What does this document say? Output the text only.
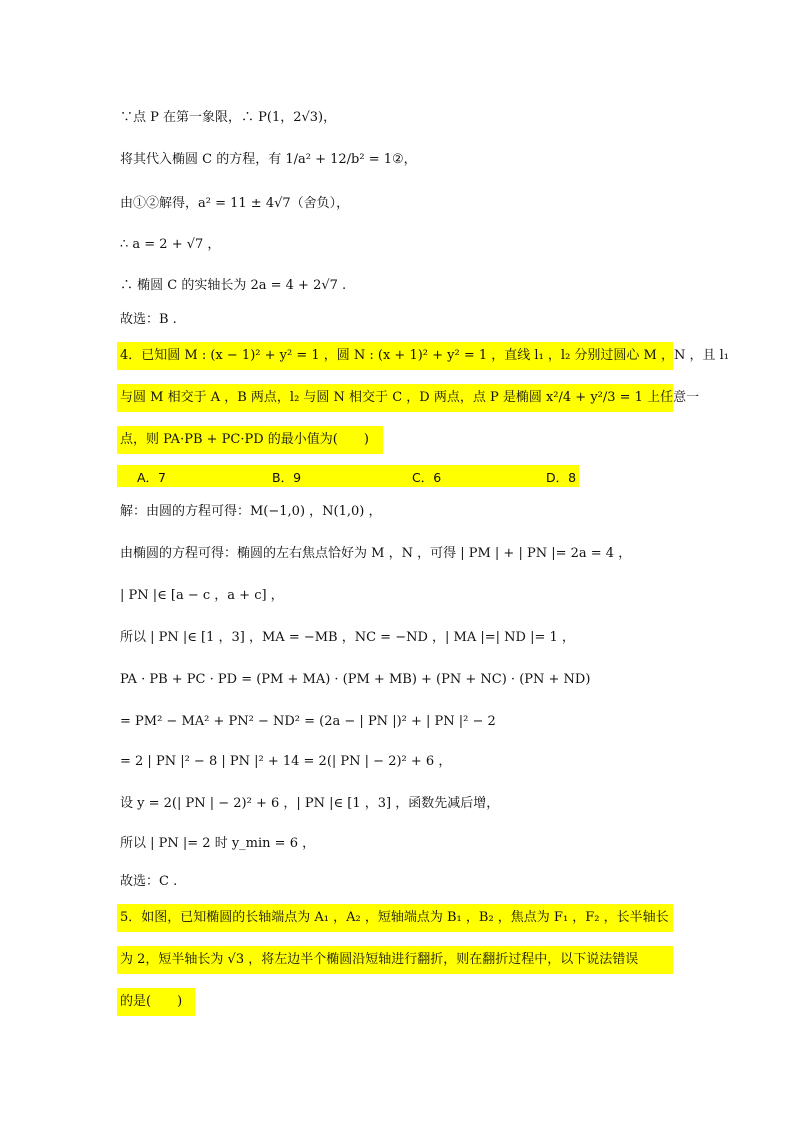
∵点 P 在第一象限，∴ P(1，2√3)，
将其代入椭圆 C 的方程，有 1/a² + 12/b² = 1②，
由①②解得，a² = 11 ± 4√7（舍负），
∴ a = 2 + √7 ，
∴ 椭圆 C 的实轴长为 2a = 4 + 2√7 .
故选：B .
4．已知圆 M : (x − 1)² + y² = 1 ，圆 N : (x + 1)² + y² = 1 ，直线 l₁ ，l₂ 分别过圆心 M ，N ，且 l₁
与圆 M 相交于 A ，B 两点，l₂ 与圆 N 相交于 C ，D 两点，点 P 是椭圆 x²/4 + y²/3 = 1 上任意一
点，则 PA·PB + PC·PD 的最小值为(　　)
A．7	B．9	C．6	D．8
解：由圆的方程可得：M(−1,0) ，N(1,0) ，
由椭圆的方程可得：椭圆的左右焦点恰好为 M ，N ，可得 | PM | + | PN |= 2a = 4 ，
| PN |∈ [a − c ，a + c] ，
所以 | PN |∈ [1 ，3] ，MA = −MB ，NC = −ND ，| MA |=| ND |= 1 ，
PA · PB + PC · PD = (PM + MA) · (PM + MB) + (PN + NC) · (PN + ND)
= PM² − MA² + PN² − ND² = (2a − | PN |)² + | PN |² − 2
= 2 | PN |² − 8 | PN |² + 14 = 2(| PN | − 2)² + 6 ，
设 y = 2(| PN | − 2)² + 6 ，| PN |∈ [1 ，3] ，函数先减后增，
所以 | PN |= 2 时 y_min = 6 ，
故选：C .
5．如图，已知椭圆的长轴端点为 A₁ ，A₂ ，短轴端点为 B₁ ，B₂ ，焦点为 F₁ ，F₂ ，长半轴长
为 2，短半轴长为 √3 ，将左边半个椭圆沿短轴进行翻折，则在翻折过程中，以下说法错误
的是(　　)
